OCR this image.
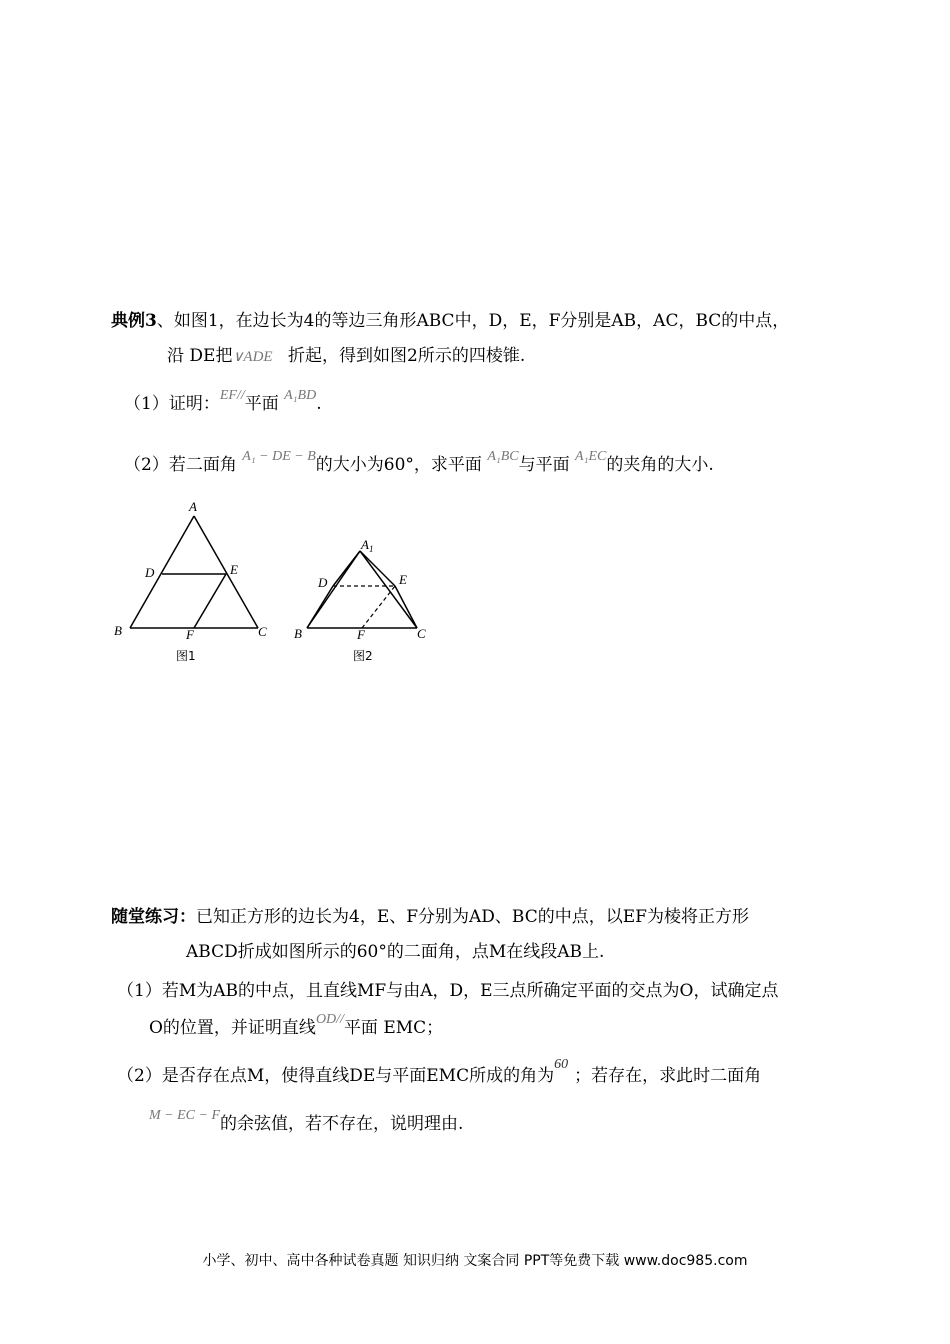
典例3、如图1，在边长为4的等边三角形ABC中，D，E，F分别是AB，AC，BC的中点，
沿 DE把∨ADE 折起，得到如图2所示的四棱锥.
（1）证明：$^{EF//}$平面 $^{A_1BD}$.
（2）若二面角 $^{A_1 - DE - B}$的大小为60°，求平面 $^{A_1BC}$与平面 $^{A_1EC}$的夹角的大小.
A
D	E
B	F	C
图1
$A_1$
D	E
B	F	C
图2
随堂练习：已知正方形的边长为4，E、F分别为AD、BC的中点，以EF为棱将正方形
ABCD折成如图所示的60°的二面角，点M在线段AB上.
（1）若M为AB的中点，且直线MF与由A，D，E三点所确定平面的交点为O，试确定点
O的位置，并证明直线$^{OD//}$平面 EMC；
（2）是否存在点M，使得直线DE与平面EMC所成的角为$^{60}$；若存在，求此时二面角
$^{M - EC - F}$的余弦值，若不存在，说明理由.
小学、初中、高中各种试卷真题 知识归纳 文案合同 PPT等免费下载 www.doc985.com
